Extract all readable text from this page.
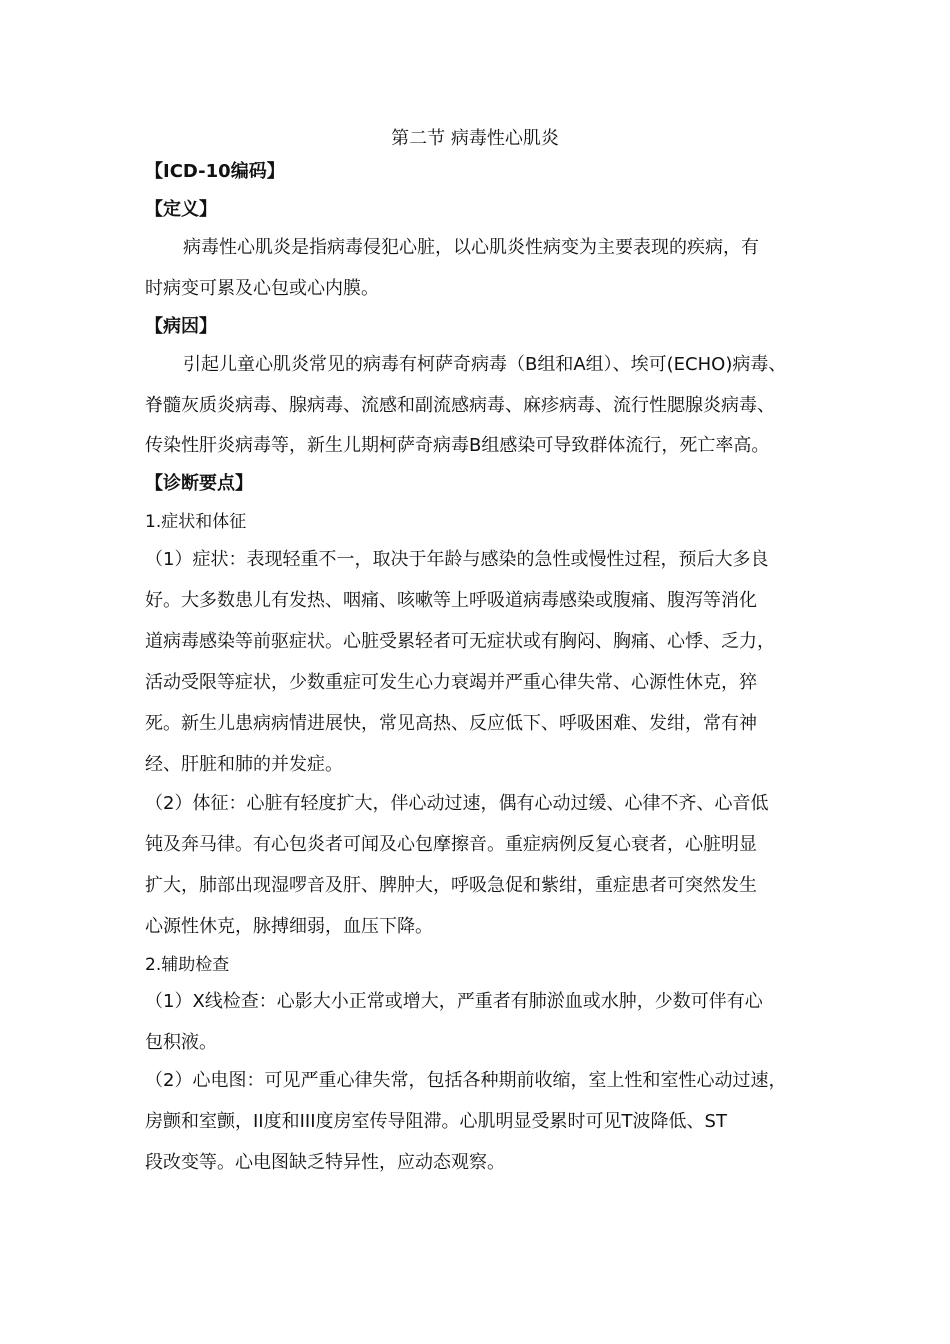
第二节 病毒性心肌炎
【ICD-10编码】
【定义】
病毒性心肌炎是指病毒侵犯心脏，以心肌炎性病变为主要表现的疾病，有
时病变可累及心包或心内膜。
【病因】
引起儿童心肌炎常见的病毒有柯萨奇病毒（B组和A组）、埃可(ECHO)病毒、
脊髓灰质炎病毒、腺病毒、流感和副流感病毒、麻疹病毒、流行性腮腺炎病毒、
传染性肝炎病毒等，新生儿期柯萨奇病毒B组感染可导致群体流行，死亡率高。
【诊断要点】
1.症状和体征
（1）症状：表现轻重不一，取决于年龄与感染的急性或慢性过程，预后大多良
好。大多数患儿有发热、咽痛、咳嗽等上呼吸道病毒感染或腹痛、腹泻等消化
道病毒感染等前驱症状。心脏受累轻者可无症状或有胸闷、胸痛、心悸、乏力，
活动受限等症状，少数重症可发生心力衰竭并严重心律失常、心源性休克，猝
死。新生儿患病病情进展快，常见高热、反应低下、呼吸困难、发绀，常有神
经、肝脏和肺的并发症。
（2）体征：心脏有轻度扩大，伴心动过速，偶有心动过缓、心律不齐、心音低
钝及奔马律。有心包炎者可闻及心包摩擦音。重症病例反复心衰者，心脏明显
扩大，肺部出现湿啰音及肝、脾肿大，呼吸急促和紫绀，重症患者可突然发生
心源性休克，脉搏细弱，血压下降。
2.辅助检查
（1）X线检查：心影大小正常或增大，严重者有肺淤血或水肿，少数可伴有心
包积液。
（2）心电图：可见严重心律失常，包括各种期前收缩，室上性和室性心动过速，
房颤和室颤，II度和III度房室传导阻滞。心肌明显受累时可见T波降低、ST
段改变等。心电图缺乏特异性，应动态观察。
